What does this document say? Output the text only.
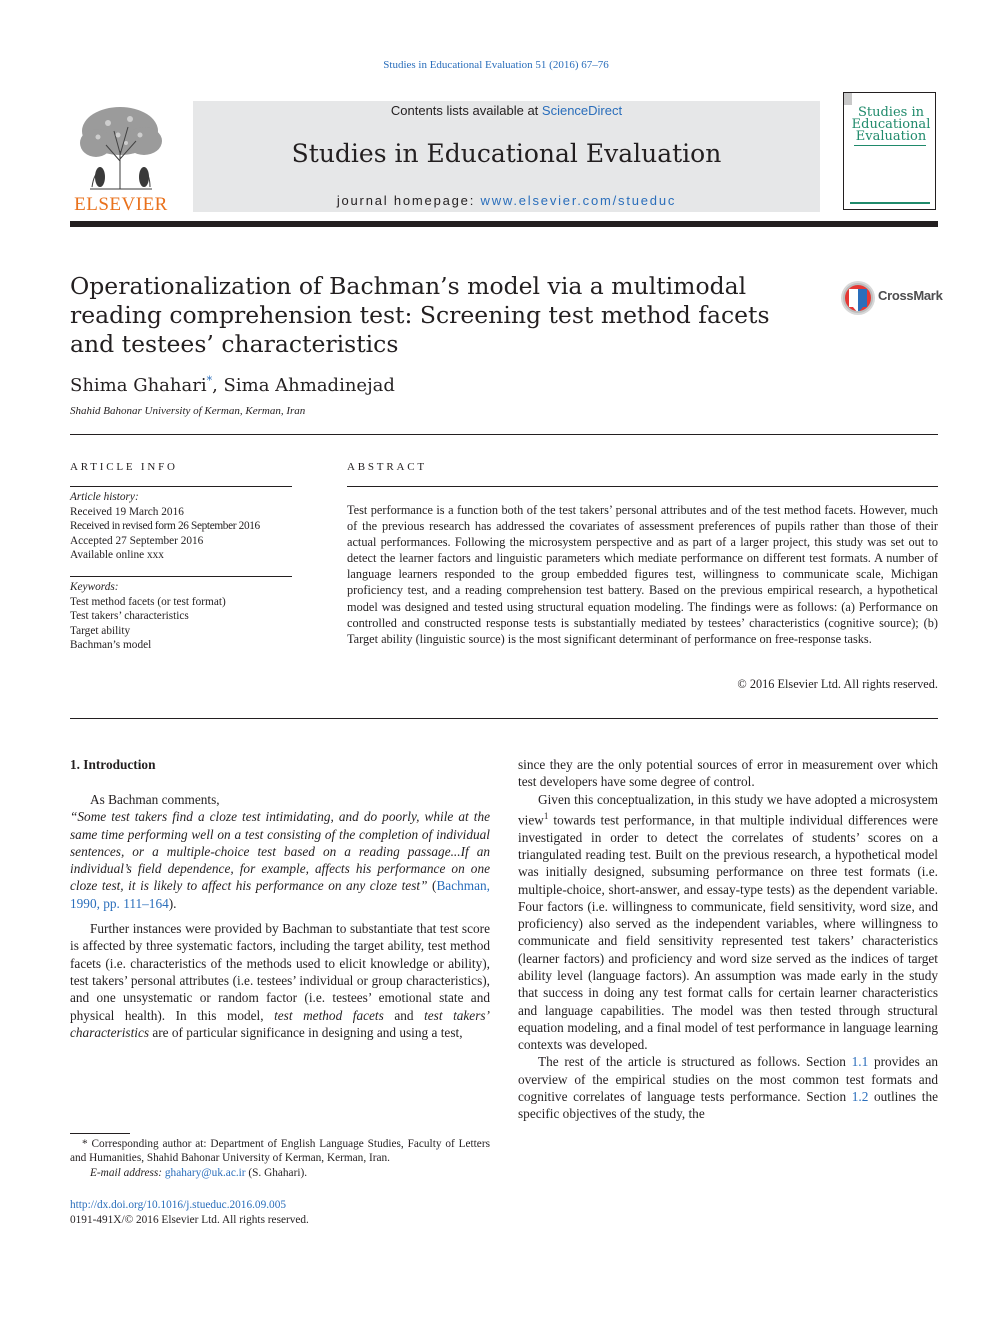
Studies in Educational Evaluation 51 (2016) 67–76
ELSEVIER
Contents lists available at ScienceDirect
Studies in Educational Evaluation
journal homepage: www.elsevier.com/stueduc
Studies in
Educational
Evaluation
Operationalization of Bachman’s model via a multimodal reading comprehension test: Screening test method facets and testees’ characteristics
CrossMark
Shima Ghahari*, Sima Ahmadinejad
Shahid Bahonar University of Kerman, Kerman, Iran
ARTICLE INFO
Article history:
Received 19 March 2016
Received in revised form 26 September 2016
Accepted 27 September 2016
Available online xxx
Keywords:
Test method facets (or test format)
Test takers’ characteristics
Target ability
Bachman’s model
ABSTRACT
Test performance is a function both of the test takers’ personal attributes and of the test method facets. However, much of the previous research has addressed the covariates of assessment preferences of pupils rather than those of their actual performances. Following the microsystem perspective and as part of a larger project, this study was set out to detect the learner factors and linguistic parameters which mediate performance on different test formats. A number of language learners responded to the group embedded figures test, willingness to communicate scale, Michigan proficiency test, and a reading comprehension test battery. Based on the previous empirical research, a hypothetical model was designed and tested using structural equation modeling. The findings were as follows: (a) Performance on controlled and constructed response tests is substantially mediated by testees’ characteristics (cognitive source); (b) Target ability (linguistic source) is the most significant determinant of performance on free-response tasks.
© 2016 Elsevier Ltd. All rights reserved.
1. Introduction

As Bachman comments,

“Some test takers find a cloze test intimidating, and do poorly, while at the same time performing well on a test consisting of the completion of individual sentences, or a multiple-choice test based on a reading passage...If an individual’s field dependence, for example, affects his performance on one cloze test, it is likely to affect his performance on any cloze test” (Bachman, 1990, pp. 111–164).

Further instances were provided by Bachman to substantiate that test score is affected by three systematic factors, including the target ability, test method facets (i.e. characteristics of the methods used to elicit knowledge or ability), test takers’ personal attributes (i.e. testees’ individual or group characteristics), and one unsystematic or random factor (i.e. testees’ emotional state and physical health). In this model, test method facets and test takers’ characteristics are of particular significance in designing and using a test,

since they are the only potential sources of error in measurement over which test developers have some degree of control.

Given this conceptualization, in this study we have adopted a microsystem view$^1$ towards test performance, in that multiple individual differences were investigated in order to detect the correlates of students’ scores on a triangulated reading test. Built on the previous research, a hypothetical model was initially designed, subsuming performance on three test formats (i.e. multiple-choice, short-answer, and essay-type tests) as the dependent variable. Four factors (i.e. willingness to communicate, field sensitivity, word size, and proficiency) also served as the independent variables, where willingness to communicate and field sensitivity represented test takers’ characteristics (learner factors) and proficiency and word size served as the indices of target ability level (language factors). An assumption was made early in the study that success in doing any test format calls for certain learner characteristics and language capabilities. The model was then tested through structural equation modeling, and a final model of test performance in language learning contexts was developed.

The rest of the article is structured as follows. Section 1.1 provides an overview of the empirical studies on the most common test formats and cognitive correlates of language tests performance. Section 1.2 outlines the specific objectives of the study, the

* Corresponding author at: Department of English Language Studies, Faculty of Letters and Humanities, Shahid Bahonar University of Kerman, Kerman, Iran.
E-mail address: ghahary@uk.ac.ir (S. Ghahari).
http://dx.doi.org/10.1016/j.stueduc.2016.09.005
0191-491X/© 2016 Elsevier Ltd. All rights reserved.
